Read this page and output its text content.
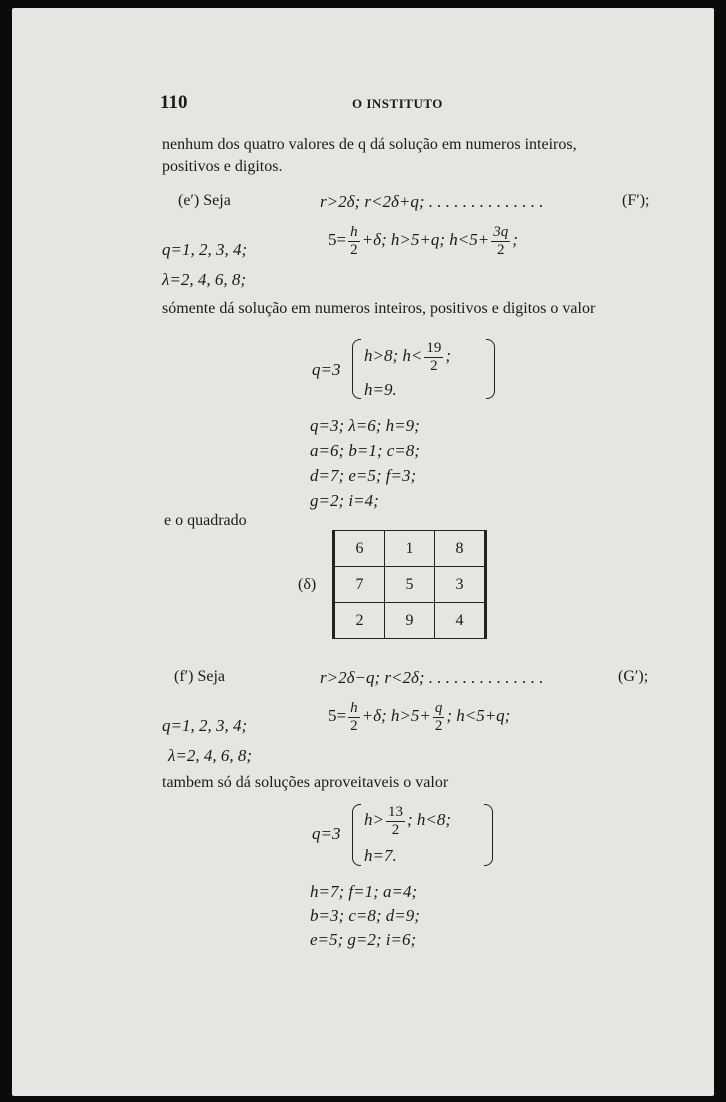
110	O INSTITUTO
nenhum dos quatro valores de q dá solução em numeros inteiros,
positivos e digitos.
(e′) Seja	r>2δ; r<2δ+q; . . . . . . . . . . . . . .	(F′);
q=1, 2, 3, 4;
$5= \frac{h}{2} +\delta$; h>5+q; $h<5+ \frac{3q}{2}$ ;
λ=2, 4, 6, 8;
sómente dá solução em numeros inteiros, positivos e digitos o valor
q=3
h>8; $h< \frac{19}{2}$ ;
h=9.
q=3; λ=6; h=9;
a=6; b=1; c=8;
d=7; e=5; f=3;
g=2; i=4;
e o quadrado
(δ)
6	1	8
7	5	3
2	9	4
(f′) Seja	r>2δ−q; r<2δ; . . . . . . . . . . . . . .	(G′);
q=1, 2, 3, 4;
$5= \frac{h}{2} +\delta$; $h>5+ \frac{q}{2}$ ; h<5+q;
λ=2, 4, 6, 8;
tambem só dá soluções aproveitaveis o valor
q=3
$h> \frac{13}{2}$ ; h<8;
h=7.
h=7; f=1; a=4;
b=3; c=8; d=9;
e=5; g=2; i=6;
